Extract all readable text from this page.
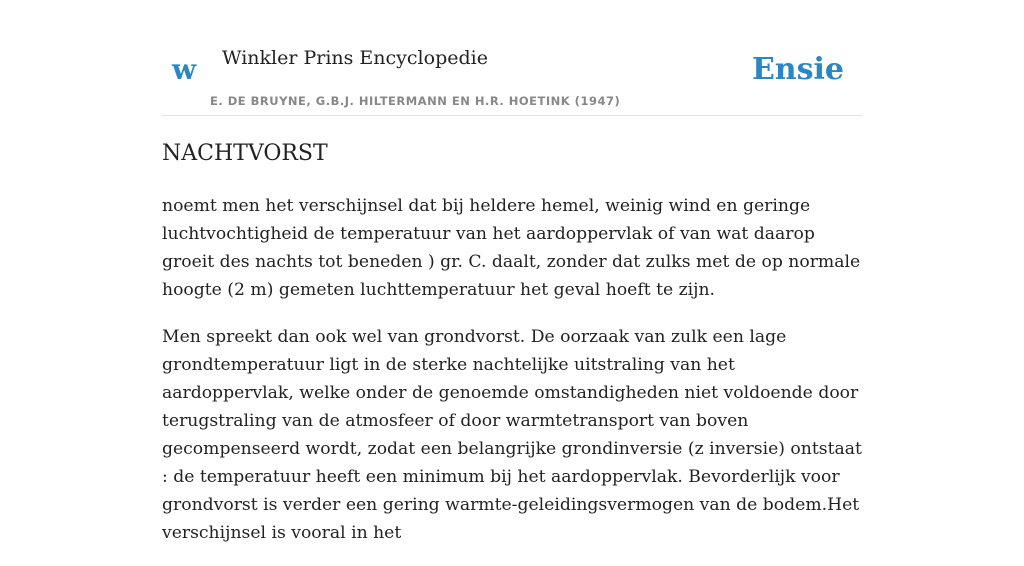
w Winkler Prins Encyclopedie
E. DE BRUYNE, G.B.J. HILTERMANN EN H.R. HOETINK (1947)
Ensie
NACHTVORST

noemt men het verschijnsel dat bij heldere hemel, weinig wind en geringe luchtvochtigheid de temperatuur van het aardoppervlak of van wat daarop groeit des nachts tot beneden ) gr. C. daalt, zonder dat zulks met de op normale hoogte (2 m) gemeten luchttemperatuur het geval hoeft te zijn.

Men spreekt dan ook wel van grondvorst. De oorzaak van zulk een lage grondtemperatuur ligt in de sterke nachtelijke uitstraling van het aardoppervlak, welke onder de genoemde omstandigheden niet voldoende door terugstraling van de atmosfeer of door warmtetransport van boven gecompenseerd wordt, zodat een belangrijke grondinversie (z inversie) ontstaat : de temperatuur heeft een minimum bij het aardoppervlak. Bevorderlijk voor grondvorst is verder een gering warmte-geleidingsvermogen van de bodem.Het verschijnsel is vooral in het
